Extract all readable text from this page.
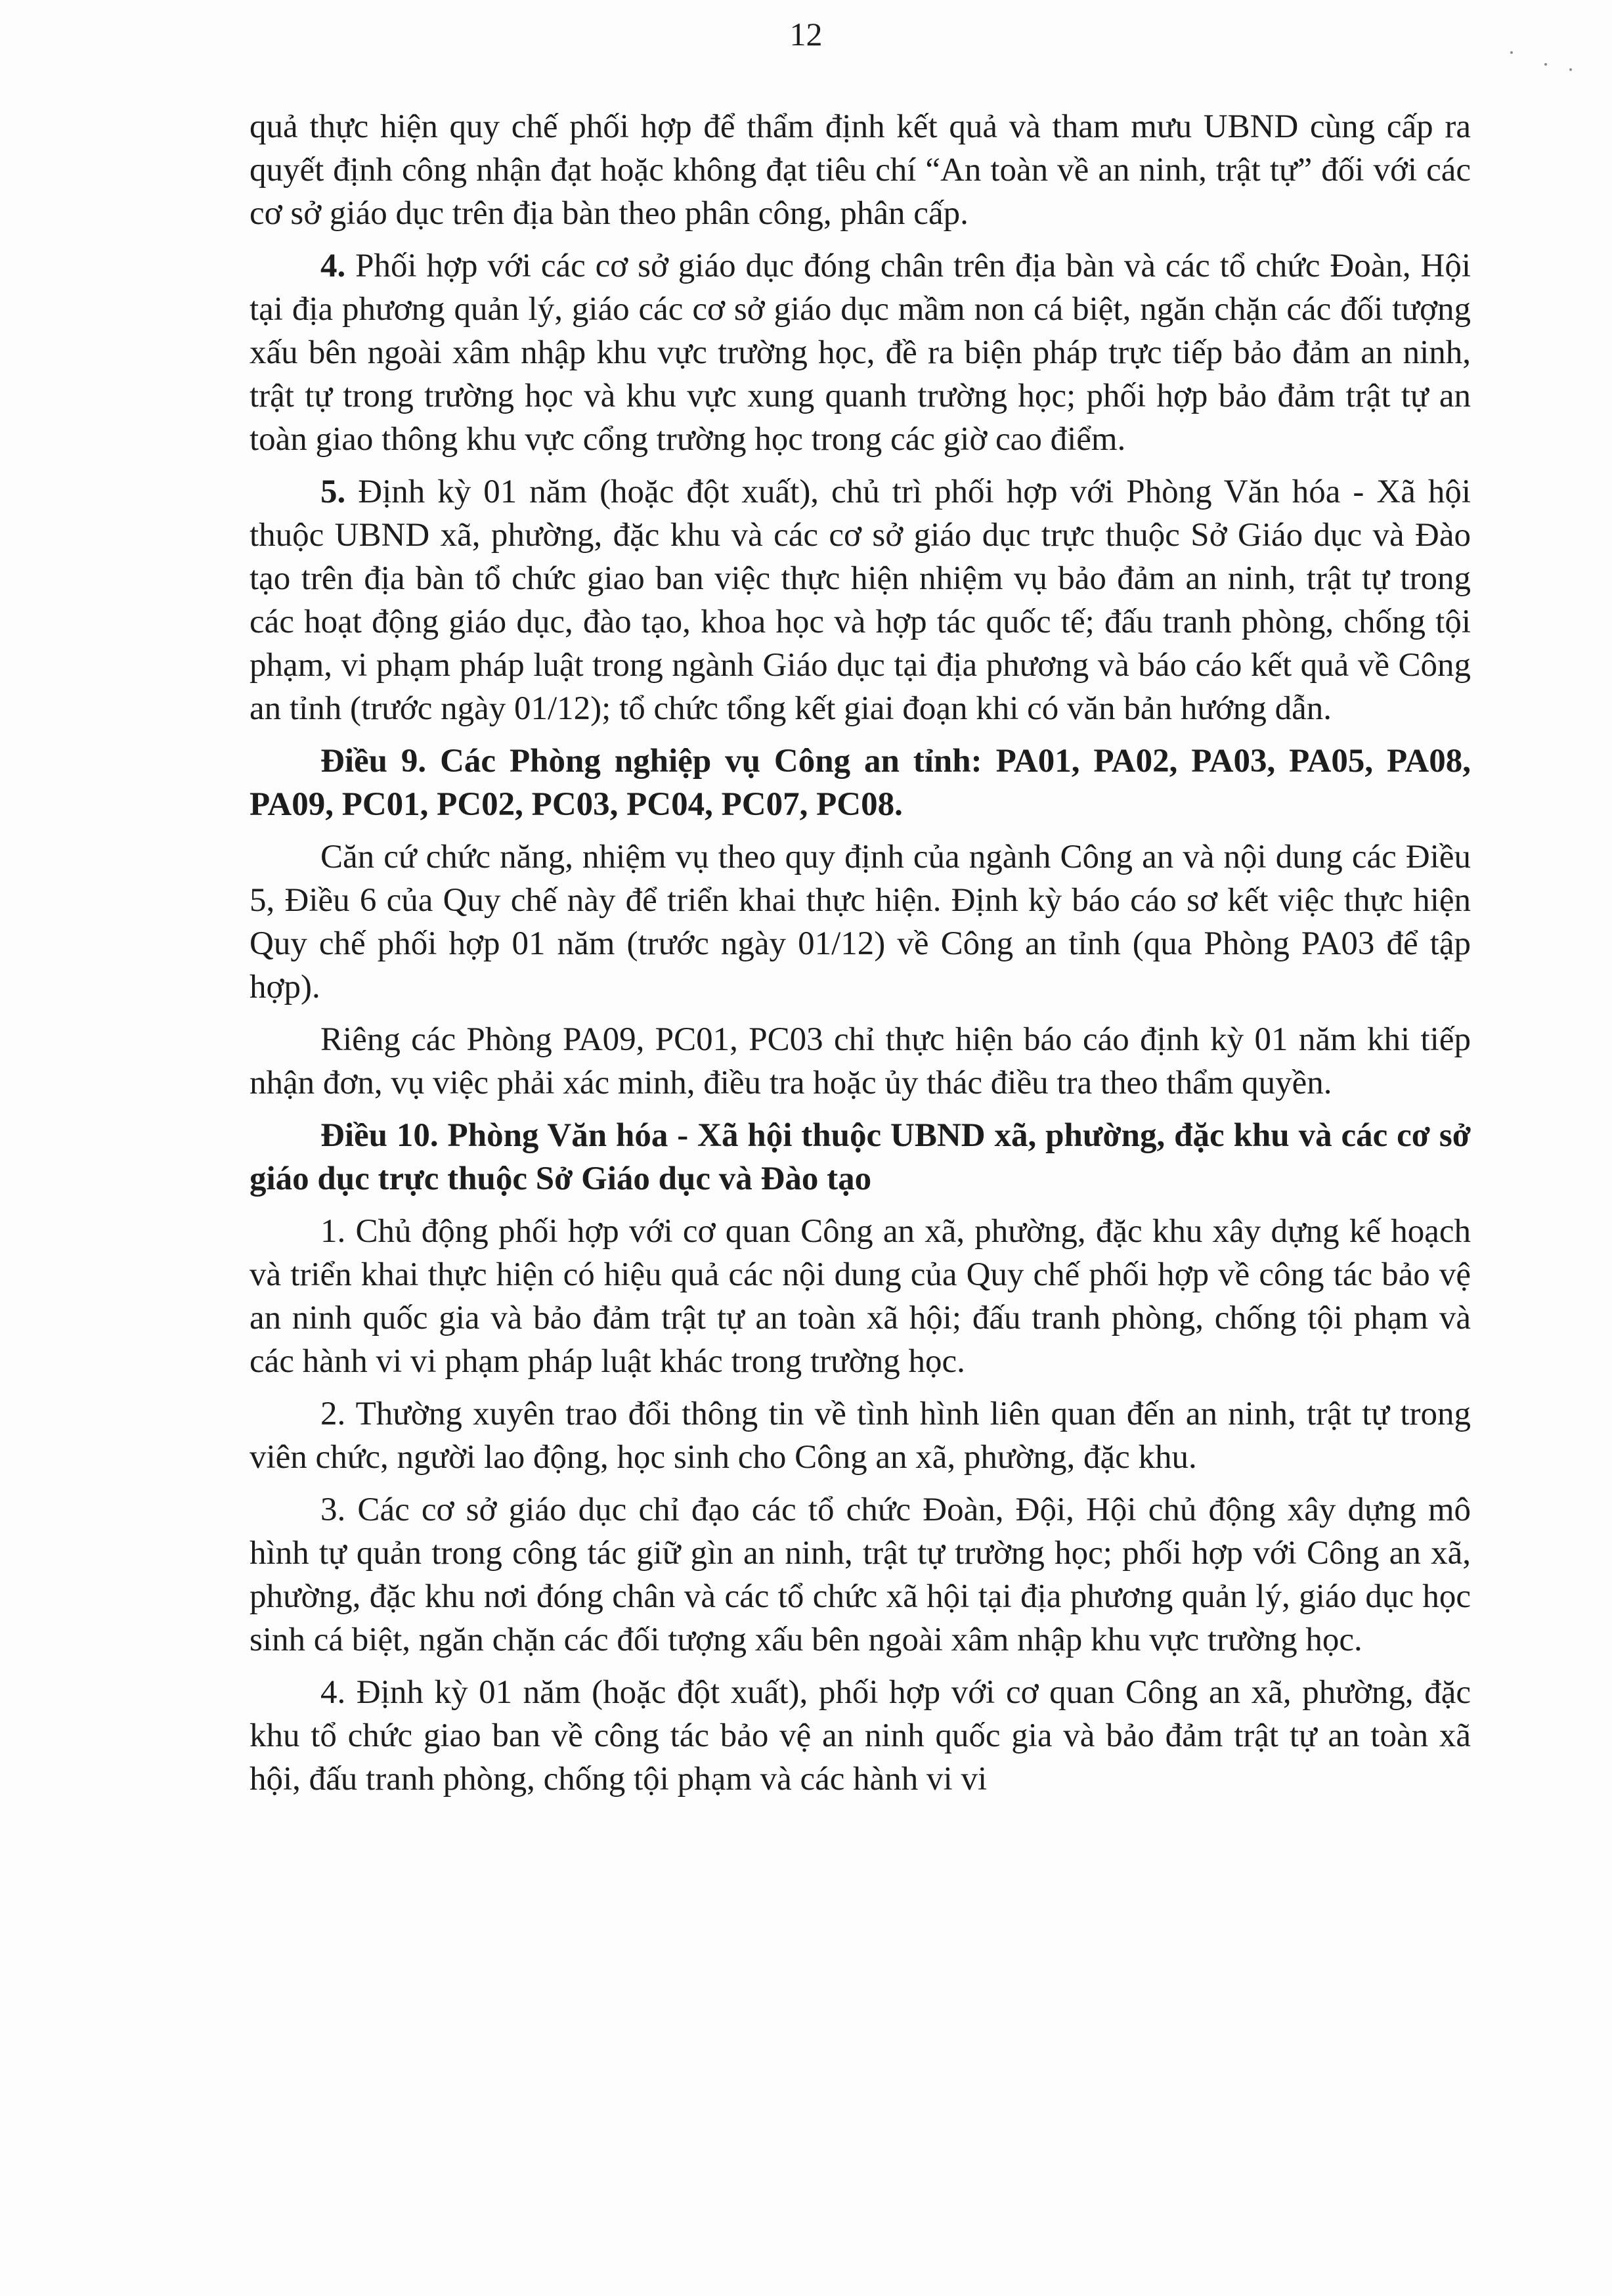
12

quả thực hiện quy chế phối hợp để thẩm định kết quả và tham mưu UBND cùng cấp ra quyết định công nhận đạt hoặc không đạt tiêu chí “An toàn về an ninh, trật tự” đối với các cơ sở giáo dục trên địa bàn theo phân công, phân cấp.

4. Phối hợp với các cơ sở giáo dục đóng chân trên địa bàn và các tổ chức Đoàn, Hội tại địa phương quản lý, giáo các cơ sở giáo dục mầm non cá biệt, ngăn chặn các đối tượng xấu bên ngoài xâm nhập khu vực trường học, đề ra biện pháp trực tiếp bảo đảm an ninh, trật tự trong trường học và khu vực xung quanh trường học; phối hợp bảo đảm trật tự an toàn giao thông khu vực cổng trường học trong các giờ cao điểm.

5. Định kỳ 01 năm (hoặc đột xuất), chủ trì phối hợp với Phòng Văn hóa - Xã hội thuộc UBND xã, phường, đặc khu và các cơ sở giáo dục trực thuộc Sở Giáo dục và Đào tạo trên địa bàn tổ chức giao ban việc thực hiện nhiệm vụ bảo đảm an ninh, trật tự trong các hoạt động giáo dục, đào tạo, khoa học và hợp tác quốc tế; đấu tranh phòng, chống tội phạm, vi phạm pháp luật trong ngành Giáo dục tại địa phương và báo cáo kết quả về Công an tỉnh (trước ngày 01/12); tổ chức tổng kết giai đoạn khi có văn bản hướng dẫn.

Điều 9. Các Phòng nghiệp vụ Công an tỉnh: PA01, PA02, PA03, PA05, PA08, PA09, PC01, PC02, PC03, PC04, PC07, PC08.

Căn cứ chức năng, nhiệm vụ theo quy định của ngành Công an và nội dung các Điều 5, Điều 6 của Quy chế này để triển khai thực hiện. Định kỳ báo cáo sơ kết việc thực hiện Quy chế phối hợp 01 năm (trước ngày 01/12) về Công an tỉnh (qua Phòng PA03 để tập hợp).

Riêng các Phòng PA09, PC01, PC03 chỉ thực hiện báo cáo định kỳ 01 năm khi tiếp nhận đơn, vụ việc phải xác minh, điều tra hoặc ủy thác điều tra theo thẩm quyền.

Điều 10. Phòng Văn hóa - Xã hội thuộc UBND xã, phường, đặc khu và các cơ sở giáo dục trực thuộc Sở Giáo dục và Đào tạo

1. Chủ động phối hợp với cơ quan Công an xã, phường, đặc khu xây dựng kế hoạch và triển khai thực hiện có hiệu quả các nội dung của Quy chế phối hợp về công tác bảo vệ an ninh quốc gia và bảo đảm trật tự an toàn xã hội; đấu tranh phòng, chống tội phạm và các hành vi vi phạm pháp luật khác trong trường học.

2. Thường xuyên trao đổi thông tin về tình hình liên quan đến an ninh, trật tự trong viên chức, người lao động, học sinh cho Công an xã, phường, đặc khu.

3. Các cơ sở giáo dục chỉ đạo các tổ chức Đoàn, Đội, Hội chủ động xây dựng mô hình tự quản trong công tác giữ gìn an ninh, trật tự trường học; phối hợp với Công an xã, phường, đặc khu nơi đóng chân và các tổ chức xã hội tại địa phương quản lý, giáo dục học sinh cá biệt, ngăn chặn các đối tượng xấu bên ngoài xâm nhập khu vực trường học.

4. Định kỳ 01 năm (hoặc đột xuất), phối hợp với cơ quan Công an xã, phường, đặc khu tổ chức giao ban về công tác bảo vệ an ninh quốc gia và bảo đảm trật tự an toàn xã hội, đấu tranh phòng, chống tội phạm và các hành vi vi
